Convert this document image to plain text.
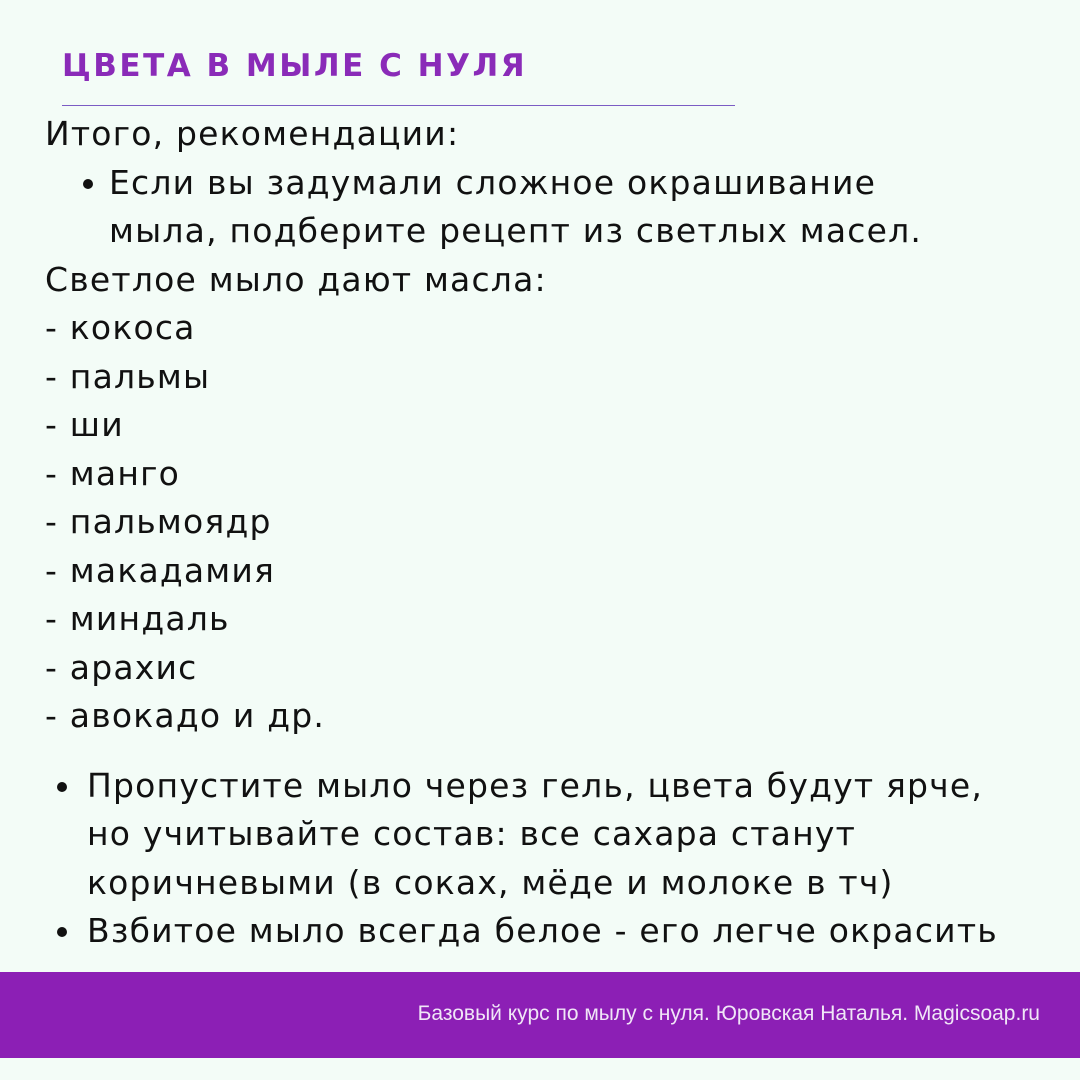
ЦВЕТА В МЫЛЕ С НУЛЯ
Итого, рекомендации:
Если вы задумали сложное окрашивание
мыла, подберите рецепт из светлых масел.
Светлое мыло дают масла:
- кокоса
- пальмы
- ши
- манго
- пальмоядр
- макадамия
- миндаль
- арахис
- авокадо и др.
Пропустите мыло через гель, цвета будут ярче,
но учитывайте состав: все сахара станут
коричневыми (в соках, мёде и молоке в тч)
Взбитое мыло всегда белое - его легче окрасить
Базовый курс по мылу с нуля. Юровская Наталья. Magicsoap.ru
